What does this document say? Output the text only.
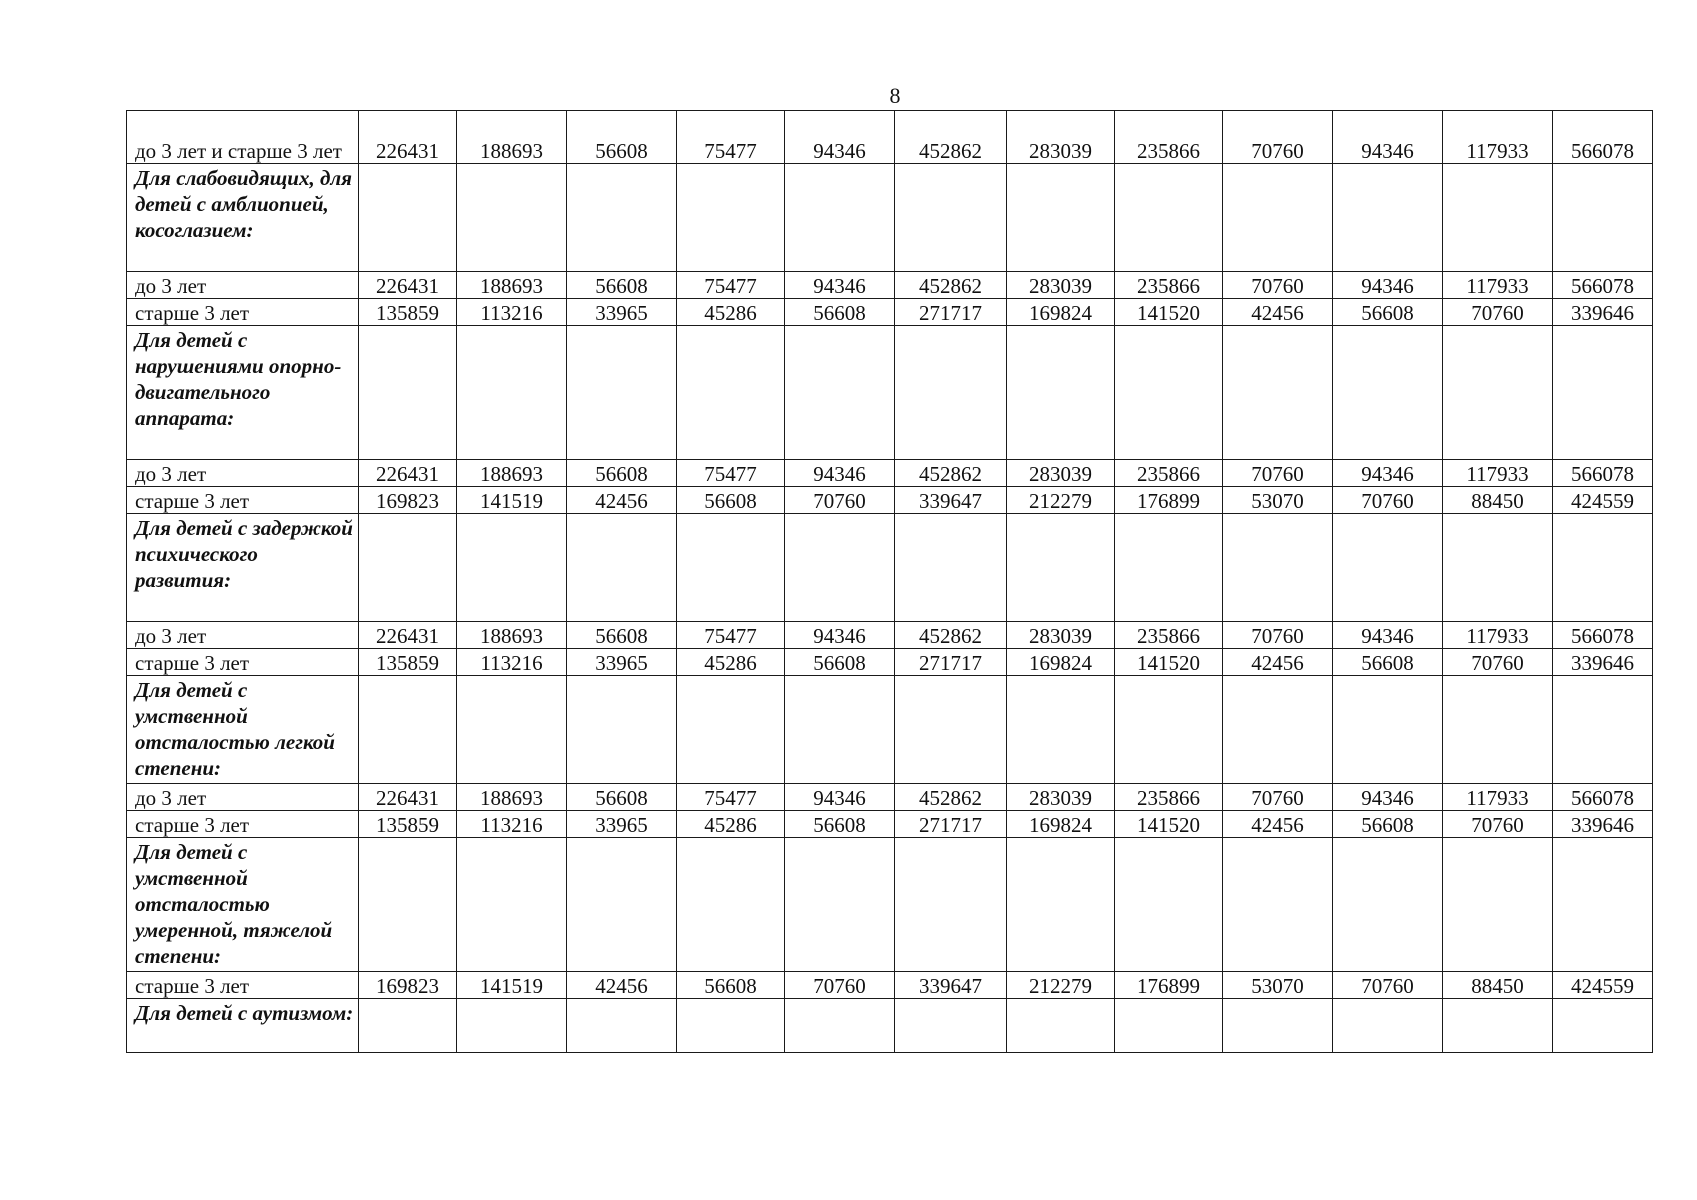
8
до 3 лет и старше 3 лет	226431	188693	56608	75477	94346	452862	283039	235866	70760	94346	117933	566078
Для слабовидящих, для детей с амблиопией, косоглазием:												
до 3 лет	226431	188693	56608	75477	94346	452862	283039	235866	70760	94346	117933	566078
старше 3 лет	135859	113216	33965	45286	56608	271717	169824	141520	42456	56608	70760	339646
Для детей с нарушениями опорно-двигательного аппарата:												
до 3 лет	226431	188693	56608	75477	94346	452862	283039	235866	70760	94346	117933	566078
старше 3 лет	169823	141519	42456	56608	70760	339647	212279	176899	53070	70760	88450	424559
Для детей с задержкой психического развития:												
до 3 лет	226431	188693	56608	75477	94346	452862	283039	235866	70760	94346	117933	566078
старше 3 лет	135859	113216	33965	45286	56608	271717	169824	141520	42456	56608	70760	339646
Для детей с умственной отсталостью легкой степени:												
до 3 лет	226431	188693	56608	75477	94346	452862	283039	235866	70760	94346	117933	566078
старше 3 лет	135859	113216	33965	45286	56608	271717	169824	141520	42456	56608	70760	339646
Для детей с умственной отсталостью умеренной, тяжелой степени:												
старше 3 лет	169823	141519	42456	56608	70760	339647	212279	176899	53070	70760	88450	424559
Для детей с аутизмом:												
